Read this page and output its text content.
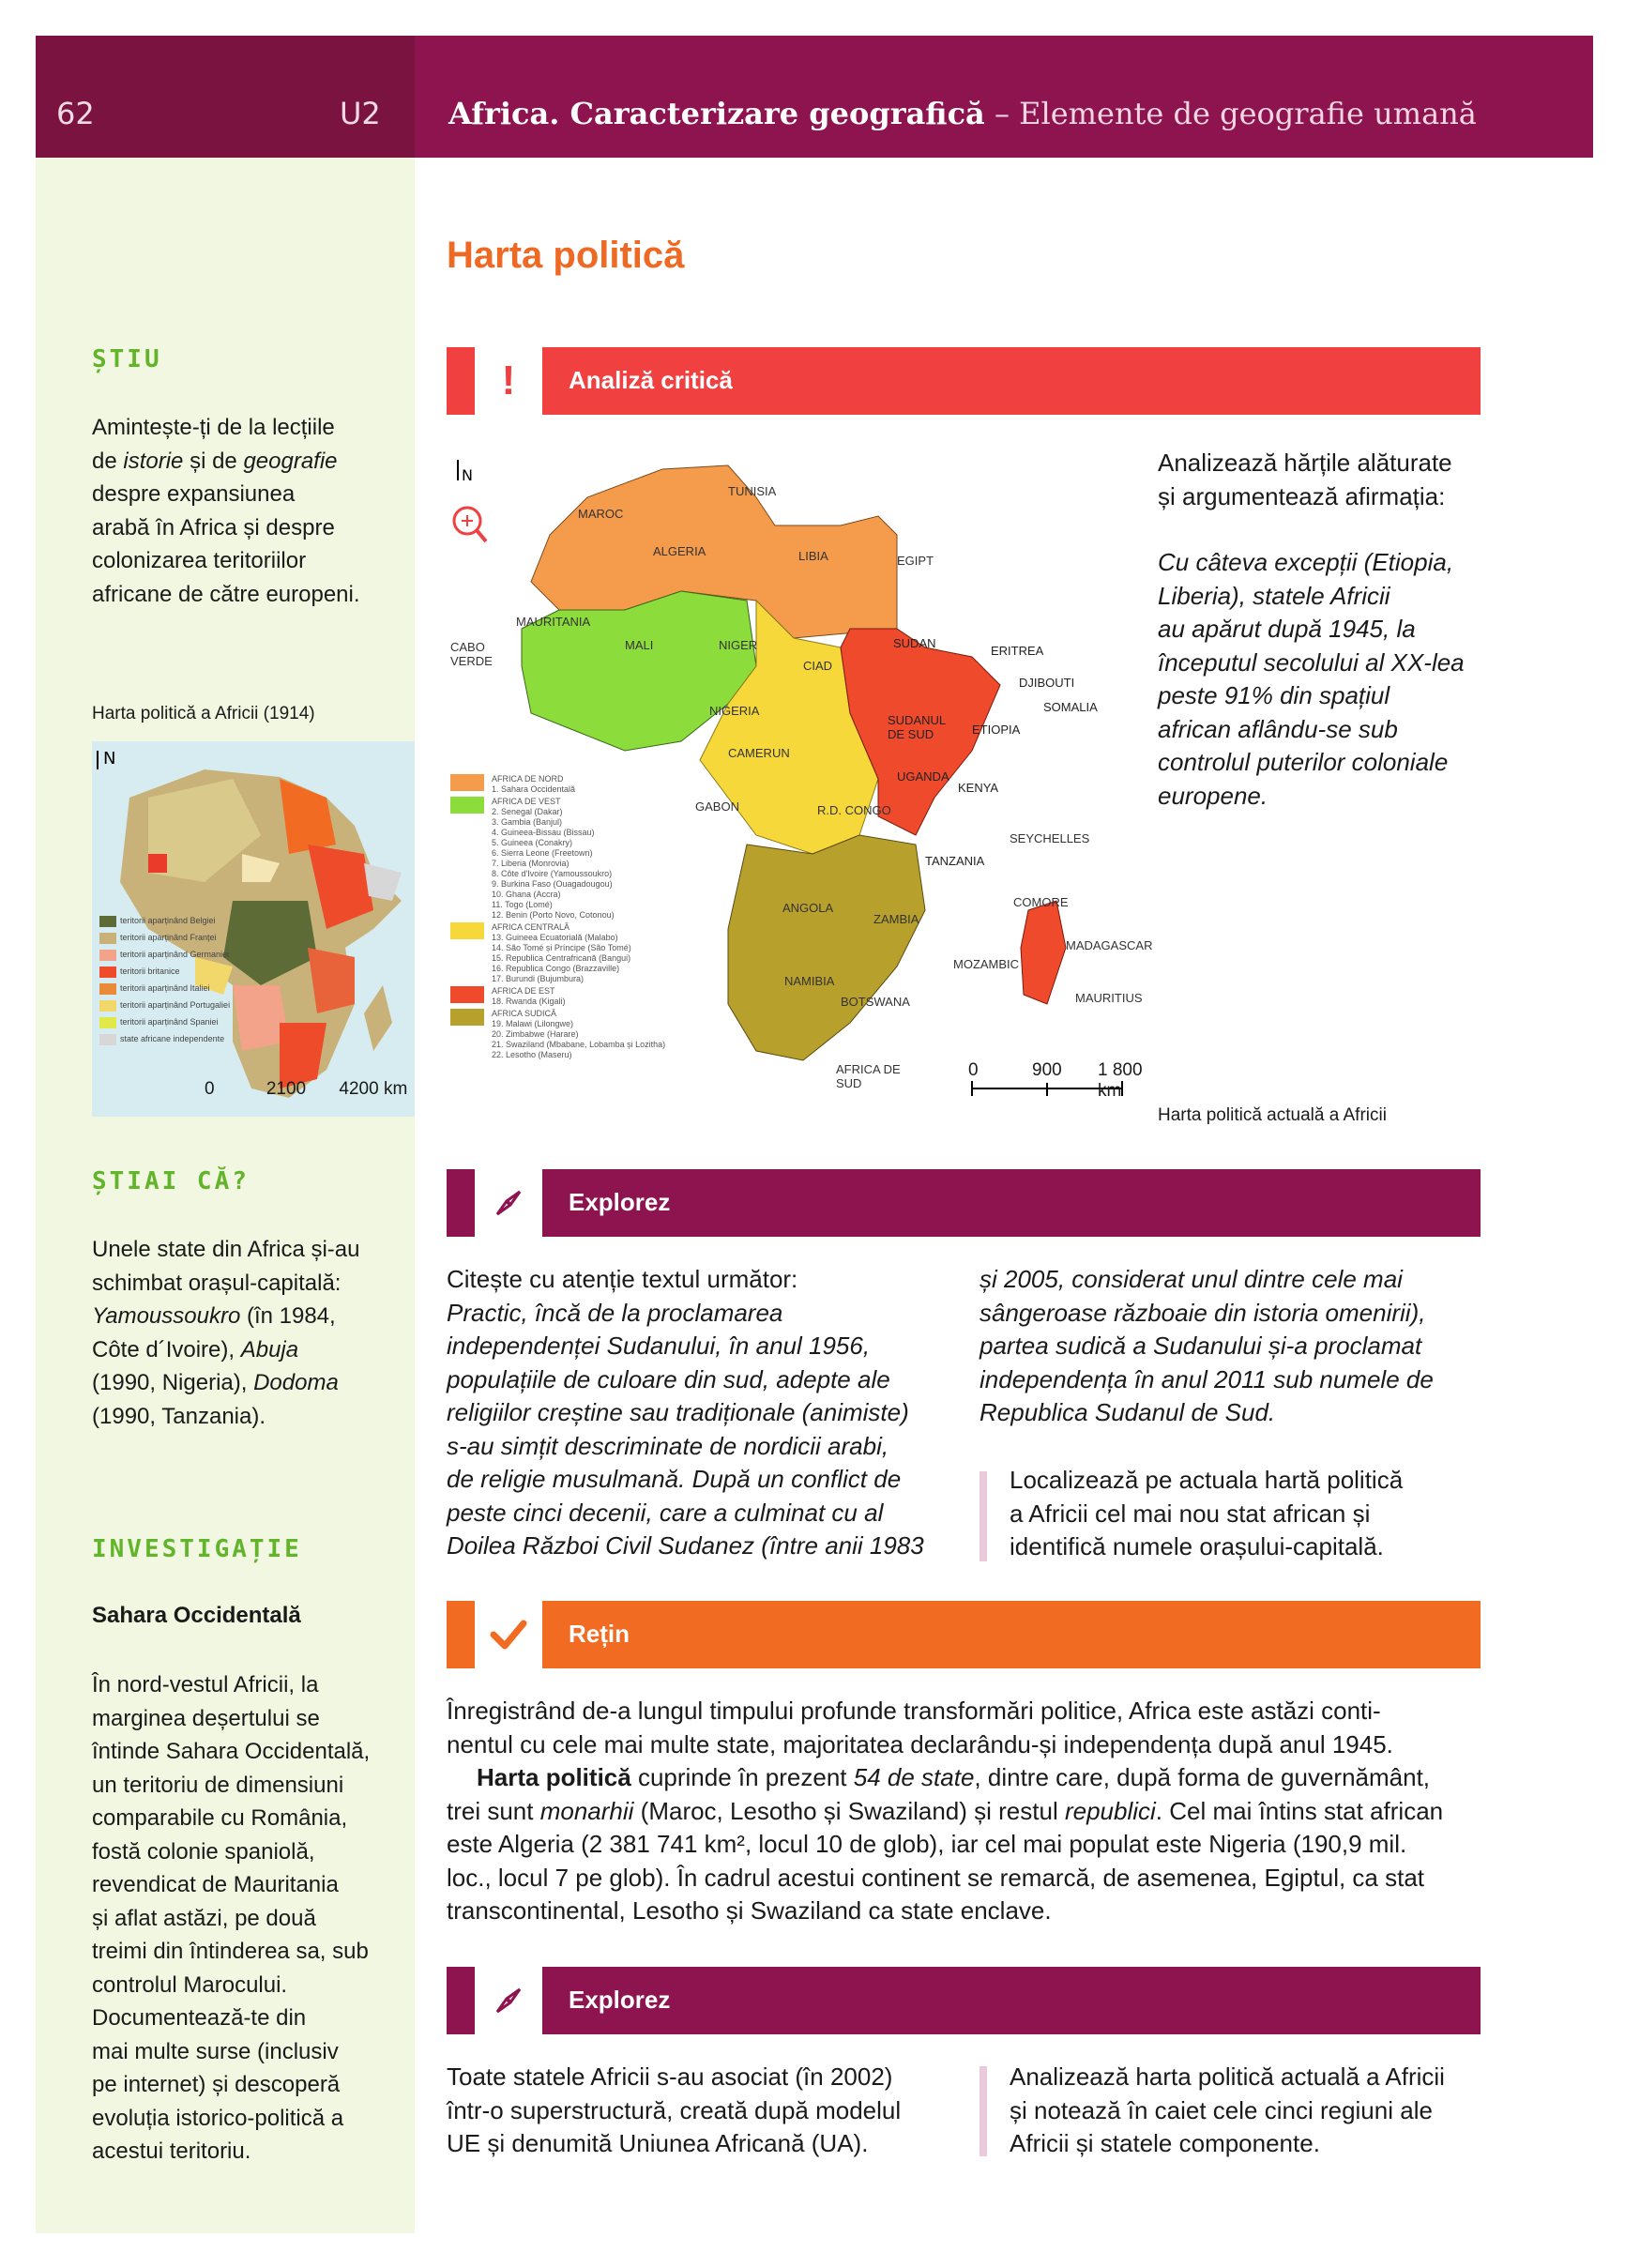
62	U2 Africa. Caracterizare geografică – Elemente de geografie umană
ȘTIU
Amintește-ți de la lecțiile
de istorie și de geografie
despre expansiunea
arabă în Africa și despre
colonizarea teritoriilor
africane de către europeni.
Harta politică a Africii (1914)
N
teritorii aparținând Belgiei
teritorii aparținând Franței
teritorii aparținând Germaniei
teritorii britanice
teritorii aparținând Italiei
teritorii aparținând Portugaliei
teritorii aparținând Spaniei
state africane independente
0	2100 4200 km
ȘTIAI CĂ?
Unele state din Africa și-au
schimbat orașul-capitală:
Yamoussoukro (în 1984,
Côte d´Ivoire), Abuja
(1990, Nigeria), Dodoma
(1990, Tanzania).
INVESTIGAȚIE
Sahara Occidentală
În nord-vestul Africii, la
marginea deșertului se
întinde Sahara Occidentală,
un teritoriu de dimensiuni
comparabile cu România,
fostă colonie spaniolă,
revendicat de Mauritania
și aflat astăzi, pe două
treimi din întinderea sa, sub
controlul Marocului.
Documentează-te din
mai multe surse (inclusiv
pe internet) și descoperă
evoluția istorico-politică a
acestui teritoriu.
Harta politică
! Analiză critică
N
MAROC
ALGERIA
TUNISIA
LIBIA	EGIPT
MAURITANIA
MALI	NIGER
CIAD
SUDAN
ERITREA
DJIBOUTI
SOMALIA
ETIOPIA
SUDANUL DE SUD
NIGERIA
CAMERUN
GABON	R.D. CONGO
UGANDA
KENYA
TANZANIA
ANGOLA
ZAMBIA
MOZAMBIC
NAMIBIA
BOTSWANA
AFRICA DE SUD
MADAGASCAR
CABO VERDE
SEYCHELLES
COMORE
MAURITIUS
AFRICA DE NORD
1. Sahara Occidentală
AFRICA DE VEST
2. Senegal (Dakar)
3. Gambia (Banjul)
4. Guineea-Bissau (Bissau)
5. Guineea (Conakry)
6. Sierra Leone (Freetown)
7. Liberia (Monrovia)
8. Côte d'Ivoire (Yamoussoukro)
9. Burkina Faso (Ouagadougou)
10. Ghana (Accra)
11. Togo (Lomé)
12. Benin (Porto Novo, Cotonou)
AFRICA CENTRALĂ
13. Guineea Ecuatorială (Malabo)
14. São Tomé și Príncipe (São Tomé)
15. Republica Centrafricană (Bangui)
16. Republica Congo (Brazzaville)
17. Burundi (Bujumbura)
AFRICA DE EST
18. Rwanda (Kigali)
AFRICA SUDICĂ
19. Malawi (Lilongwe)
20. Zimbabwe (Harare)
21. Swaziland (Mbabane, Lobamba și Lozitha)
22. Lesotho (Maseru)
0	900 1 800 km
Analizează hărțile alăturate
și argumentează afirmația:
Cu câteva excepții (Etiopia,
Liberia), statele Africii
au apărut după 1945, la
începutul secolului al XX-lea
peste 91% din spațiul
african aflându-se sub
controlul puterilor coloniale
europene.
Harta politică actuală a Africii
Explorez
Citește cu atenție textul următor:
Practic, încă de la proclamarea
independenței Sudanului, în anul 1956,
populațiile de culoare din sud, adepte ale
religiilor creștine sau tradiționale (animiste)
s-au simțit descriminate de nordicii arabi,
de religie musulmană. După un conflict de
peste cinci decenii, care a culminat cu al
Doilea Război Civil Sudanez (între anii 1983
și 2005, considerat unul dintre cele mai
sângeroase războaie din istoria omenirii),
partea sudică a Sudanului și-a proclamat
independența în anul 2011 sub numele de
Republica Sudanul de Sud.
Localizează pe actuala hartă politică
a Africii cel mai nou stat african și
identifică numele orașului-capitală.
Rețin
Înregistrând de-a lungul timpului profunde transformări politice, Africa este astăzi conti-
nentul cu cele mai multe state, majoritatea declarându-și independența după anul 1945.
Harta politică cuprinde în prezent 54 de state, dintre care, după forma de guvernământ,
trei sunt monarhii (Maroc, Lesotho și Swaziland) și restul republici. Cel mai întins stat african
este Algeria (2 381 741 km², locul 10 de glob), iar cel mai populat este Nigeria (190,9 mil.
loc., locul 7 pe glob). În cadrul acestui continent se remarcă, de asemenea, Egiptul, ca stat
transcontinental, Lesotho și Swaziland ca state enclave.
Explorez
Toate statele Africii s-au asociat (în 2002)
într-o superstructură, creată după modelul
UE și denumită Uniunea Africană (UA).
Analizează harta politică actuală a Africii
și notează în caiet cele cinci regiuni ale
Africii și statele componente.
